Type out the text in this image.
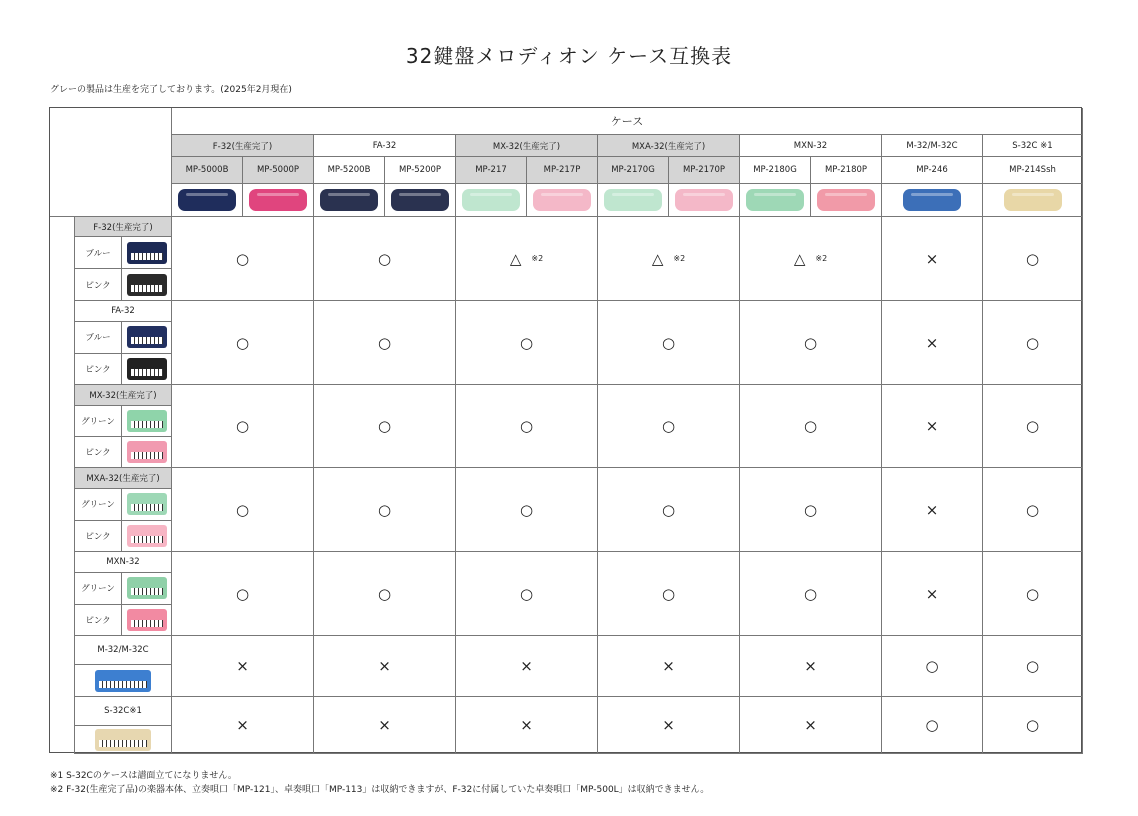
32鍵盤メロディオン ケース互換表
グレーの製品は生産を完了しております。(2025年2月現在)
ケース
F-32(生産完了)	FA-32	MX-32(生産完了)	MXA-32(生産完了)	MXN-32	M-32/M-32C	S-32C ※1
MP-5000B	MP-5000P	MP-5200B	MP-5200P	MP-217	MP-217P	MP-2170G	MP-2170P	MP-2180G	MP-2180P	MP-246	MP-214Ssh
F-32(生産完了)
ブルー
ピンク
○	○	△ ※2	△ ※2	△ ※2	×	○
FA-32
ブルー
ピンク
○	○	○	○	○	×	○
MX-32(生産完了)
グリーン
ピンク
○	○	○	○	○	×	○
MXA-32(生産完了)
グリーン
ピンク
○	○	○	○	○	×	○
MXN-32
グリーン
ピンク
○	○	○	○	○	×	○
M-32/M-32C
×	×	×	×	×	○	○
S-32C※1
×	×	×	×	×	○	○
※1 S-32Cのケースは譜面立てになりません。
※2 F-32(生産完了品)の楽器本体、立奏唄口「MP-121」、卓奏唄口「MP-113」は収納できますが、F-32に付属していた卓奏唄口「MP-500L」は収納できません。
